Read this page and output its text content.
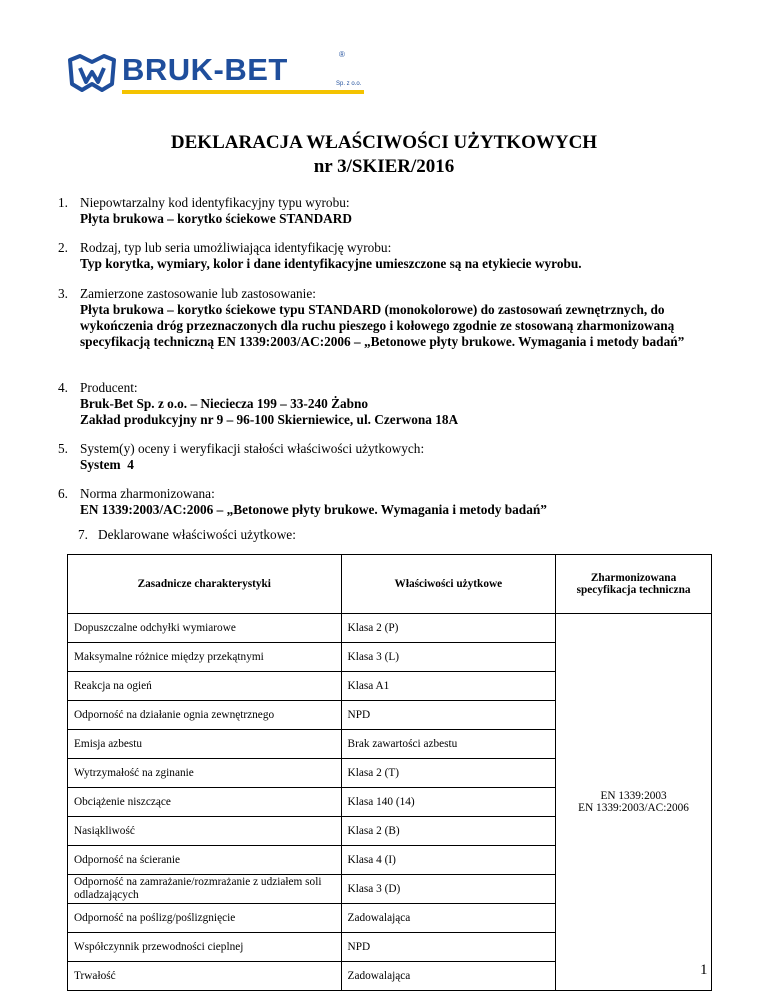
BRUK-BET	®
Sp. z o.o.
DEKLARACJA WŁAŚCIWOŚCI UŻYTKOWYCH
nr 3/SKIER/2016
1. Niepowtarzalny kod identyfikacyjny typu wyrobu:
Płyta brukowa – korytko ściekowe STANDARD
2. Rodzaj, typ lub seria umożliwiająca identyfikację wyrobu:
Typ korytka, wymiary, kolor i dane identyfikacyjne umieszczone są na etykiecie wyrobu.
3. Zamierzone zastosowanie lub zastosowanie:
Płyta brukowa – korytko ściekowe typu STANDARD (monokolorowe) do zastosowań zewnętrznych, do wykończenia dróg przeznaczonych dla ruchu pieszego i kołowego zgodnie ze stosowaną zharmonizowaną specyfikacją techniczną EN 1339:2003/AC:2006 – „Betonowe płyty brukowe. Wymagania i metody badań”
4. Producent:
Bruk-Bet Sp. z o.o. – Nieciecza 199 – 33-240 Żabno
Zakład produkcyjny nr 9 – 96-100 Skierniewice, ul. Czerwona 18A
5. System(y) oceny i weryfikacji stałości właściwości użytkowych:
System  4
6. Norma zharmonizowana:
EN 1339:2003/AC:2006 – „Betonowe płyty brukowe. Wymagania i metody badań”
7. Deklarowane właściwości użytkowe:
Zasadnicze charakterystyki	Właściwości użytkowe	Zharmonizowana specyfikacja techniczna
Dopuszczalne odchyłki wymiarowe	Klasa 2 (P)	EN 1339:2003
EN 1339:2003/AC:2006

Maksymalne różnice między przekątnymi	Klasa 3 (L)	
Reakcja na ogień	Klasa A1	
Odporność na działanie ognia zewnętrznego	NPD	
Emisja azbestu	Brak zawartości azbestu	
Wytrzymałość na zginanie	Klasa 2 (T)	
Obciążenie niszczące	Klasa 140 (14)	
Nasiąkliwość	Klasa 2 (B)	
Odporność na ścieranie	Klasa 4 (I)	
Odporność na zamrażanie/rozmrażanie z udziałem soli odladzających	Klasa 3 (D)	
Odporność na poślizg/poślizgnięcie	Zadowalająca	
Współczynnik przewodności cieplnej	NPD	
Trwałość	Zadowalająca		1
